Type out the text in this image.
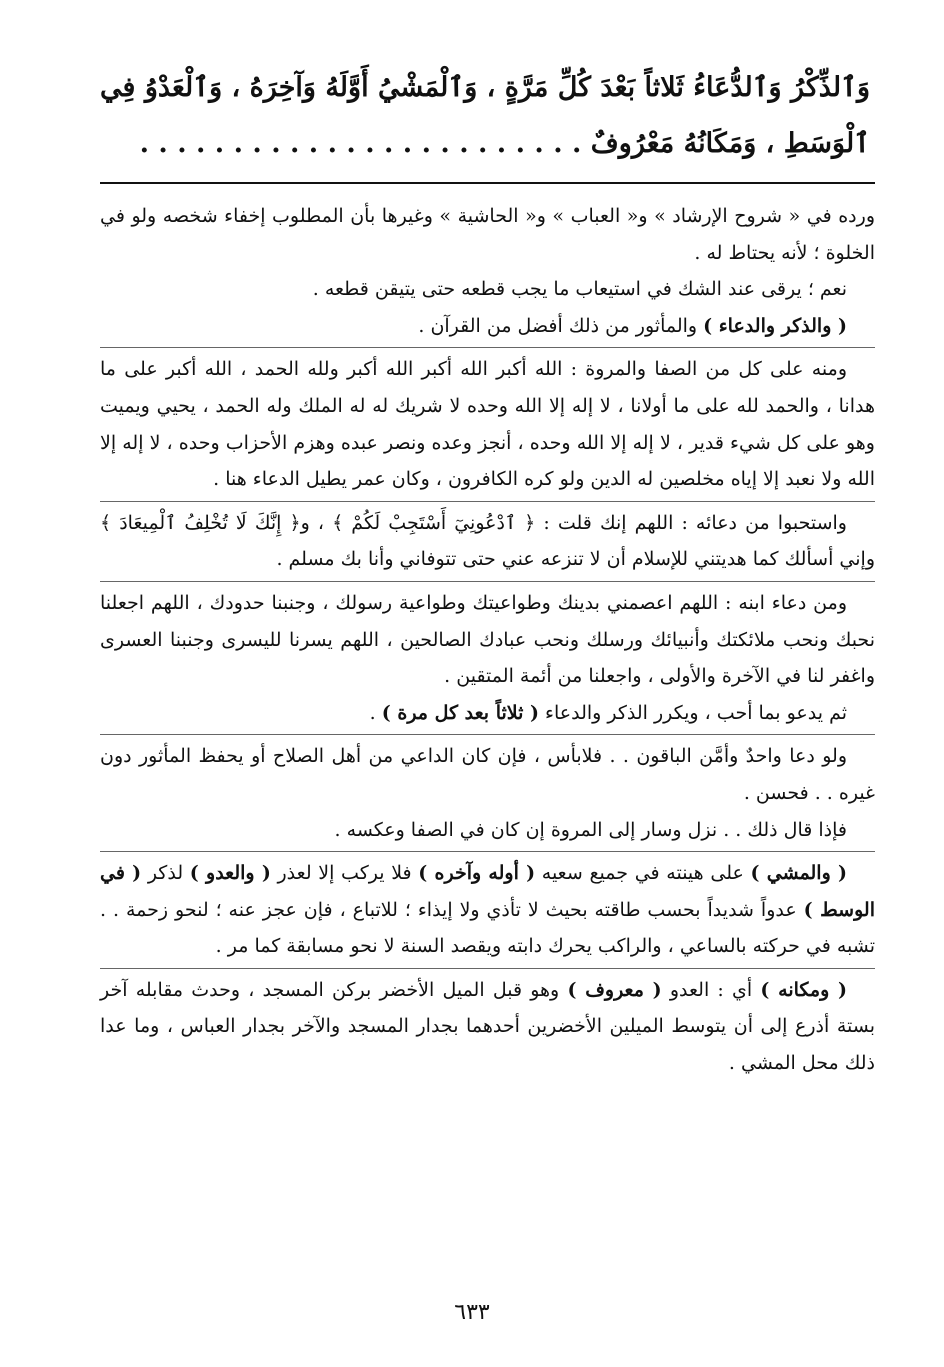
وَٱلذِّكْرُ وَٱلدُّعَاءُ ثَلاثاً بَعْدَ كُلِّ مَرَّةٍ ، وَٱلْمَشْيُ أَوَّلَهُ وَآخِرَهُ ، وَٱلْعَدْوُ فِي ٱلْوَسَطِ ، وَمَكَانُهُ مَعْرُوفٌ . . . . . . . . . . . . . . . . . . . . . . . .

ورده في « شروح الإرشاد » و« العباب » و« الحاشية » وغيرها بأن المطلوب إخفاء شخصه ولو في الخلوة ؛ لأنه يحتاط له .

نعم ؛ يرقى عند الشك في استيعاب ما يجب قطعه حتى يتيقن قطعه .

( والذكر والدعاء ) والمأثور من ذلك أفضل من القرآن .

ومنه على كل من الصفا والمروة : الله أكبر الله أكبر الله أكبر ولله الحمد ، الله أكبر على ما هدانا ، والحمد لله على ما أولانا ، لا إله إلا الله وحده لا شريك له له الملك وله الحمد ، يحيي ويميت وهو على كل شيء قدير ، لا إله إلا الله وحده ، أنجز وعده ونصر عبده وهزم الأحزاب وحده ، لا إله إلا الله ولا نعبد إلا إياه مخلصين له الدين ولو كره الكافرون ، وكان عمر يطيل الدعاء هنا .

واستحبوا من دعائه : اللهم إنك قلت : ﴿ ٱدْعُونِيٓ أَسْتَجِبْ لَكُمْ ﴾ ، و﴿ إِنَّكَ لَا تُخْلِفُ ٱلْمِيعَادَ ﴾ وإني أسألك كما هديتني للإسلام أن لا تنزعه عني حتى تتوفاني وأنا بك مسلم .

ومن دعاء ابنه : اللهم اعصمني بدينك وطواعيتك وطواعية رسولك ، وجنبنا حدودك ، اللهم اجعلنا نحبك ونحب ملائكتك وأنبيائك ورسلك ونحب عبادك الصالحين ، اللهم يسرنا لليسرى وجنبنا العسرى واغفر لنا في الآخرة والأولى ، واجعلنا من أئمة المتقين .

ثم يدعو بما أحب ، ويكرر الذكر والدعاء ( ثلاثاً بعد كل مرة ) .

ولو دعا واحدٌ وأمَّن الباقون . . فلابأس ، فإن كان الداعي من أهل الصلاح أو يحفظ المأثور دون غيره . . فحسن .

فإذا قال ذلك . . نزل وسار إلى المروة إن كان في الصفا وعكسه .

( والمشي ) على هينته في جميع سعيه ( أوله وآخره ) فلا يركب إلا لعذر ( والعدو ) لذكر ( في الوسط ) عدواً شديداً بحسب طاقته بحيث لا تأذي ولا إيذاء ؛ للاتباع ، فإن عجز عنه ؛ لنحو زحمة . . تشبه في حركته بالساعي ، والراكب يحرك دابته ويقصد السنة لا نحو مسابقة كما مر .

( ومكانه ) أي : العدو ( معروف ) وهو قبل الميل الأخضر بركن المسجد ، وحدث مقابله آخر بستة أذرع إلى أن يتوسط الميلين الأخضرين أحدهما بجدار المسجد والآخر بجدار العباس ، وما عدا ذلك محل المشي .

٦٣٣
